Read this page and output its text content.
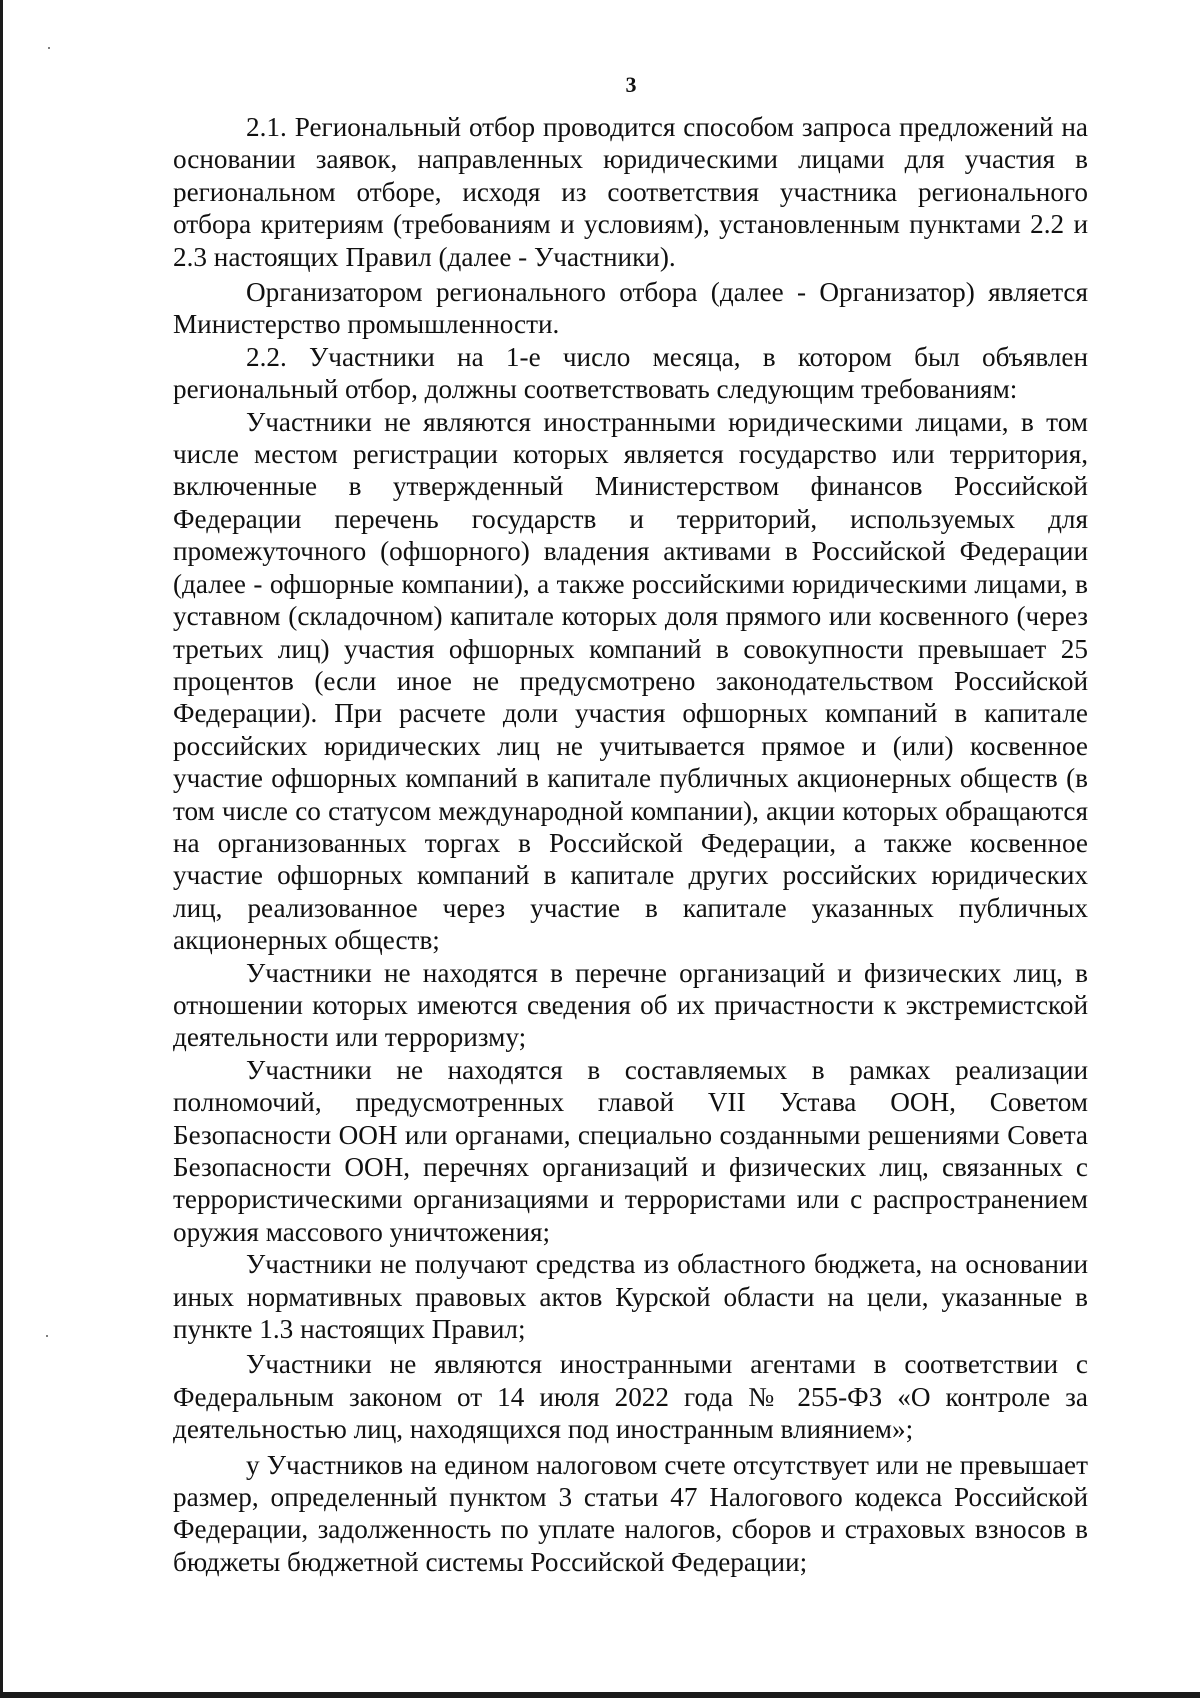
3

2.1. Региональный отбор проводится способом запроса предложений на основании заявок, направленных юридическими лицами для участия в региональном отборе, исходя из соответствия участника регионального отбора критериям (требованиям и условиям), установленным пунктами 2.2 и 2.3 настоящих Правил (далее - Участники).

Организатором регионального отбора (далее - Организатор) является Министерство промышленности.

2.2. Участники на 1-е число месяца, в котором был объявлен региональный отбор, должны соответствовать следующим требованиям:

Участники не являются иностранными юридическими лицами, в том числе местом регистрации которых является государство или территория, включенные в утвержденный Министерством финансов Российской Федерации перечень государств и территорий, используемых для промежуточного (офшорного) владения активами в Российской Федерации (далее - офшорные компании), а также российскими юридическими лицами, в уставном (складочном) капитале которых доля прямого или косвенного (через третьих лиц) участия офшорных компаний в совокупности превышает 25 процентов (если иное не предусмотрено законодательством Российской Федерации). При расчете доли участия офшорных компаний в капитале российских юридических лиц не учитывается прямое и (или) косвенное участие офшорных компаний в капитале публичных акционерных обществ (в том числе со статусом международной компании), акции которых обращаются на организованных торгах в Российской Федерации, а также косвенное участие офшорных компаний в капитале других российских юридических лиц, реализованное через участие в капитале указанных публичных акционерных обществ;

Участники не находятся в перечне организаций и физических лиц, в отношении которых имеются сведения об их причастности к экстремистской деятельности или терроризму;

Участники не находятся в составляемых в рамках реализации полномочий, предусмотренных главой VII Устава ООН, Советом Безопасности ООН или органами, специально созданными решениями Совета Безопасности ООН, перечнях организаций и физических лиц, связанных с террористическими организациями и террористами или с распространением оружия массового уничтожения;

Участники не получают средства из областного бюджета, на основании иных нормативных правовых актов Курской области на цели, указанные в пункте 1.3 настоящих Правил;

Участники не являются иностранными агентами в соответствии с Федеральным законом от 14 июля 2022 года № 255-ФЗ «О контроле за деятельностью лиц, находящихся под иностранным влиянием»;

у Участников на едином налоговом счете отсутствует или не превышает размер, определенный пунктом 3 статьи 47 Налогового кодекса Российской Федерации, задолженность по уплате налогов, сборов и страховых взносов в бюджеты бюджетной системы Российской Федерации;
